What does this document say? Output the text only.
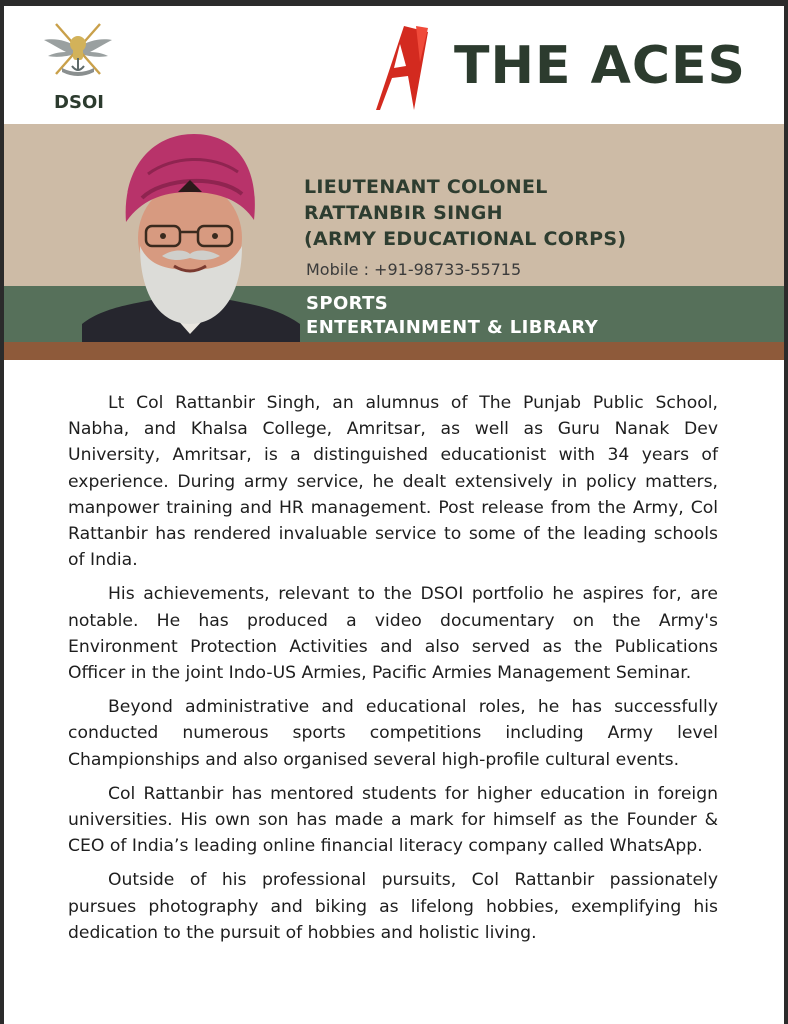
DSOI
THE ACES
LIEUTENANT COLONEL
RATTANBIR SINGH
(ARMY EDUCATIONAL CORPS)
Mobile : +91-98733-55715
SPORTS
ENTERTAINMENT & LIBRARY

Lt Col Rattanbir Singh, an alumnus of The Punjab Public School, Nabha, and Khalsa College, Amritsar, as well as Guru Nanak Dev University, Amritsar, is a distinguished educationist with 34 years of experience. During army service, he dealt extensively in policy matters, manpower training and HR management. Post release from the Army, Col Rattanbir has rendered invaluable service to some of the leading schools of India.

His achievements, relevant to the DSOI portfolio he aspires for, are notable. He has produced a video documentary on the Army's Environment Protection Activities and also served as the Publications Officer in the joint Indo-US Armies, Pacific Armies Management Seminar.

Beyond administrative and educational roles, he has successfully conducted numerous sports competitions including Army level Championships and also organised several high-profile cultural events.

Col Rattanbir has mentored students for higher education in foreign universities. His own son has made a mark for himself as the Founder & CEO of India’s leading online financial literacy company called WhatsApp.

Outside of his professional pursuits, Col Rattanbir passionately pursues photography and biking as lifelong hobbies, exemplifying his dedication to the pursuit of hobbies and holistic living.
